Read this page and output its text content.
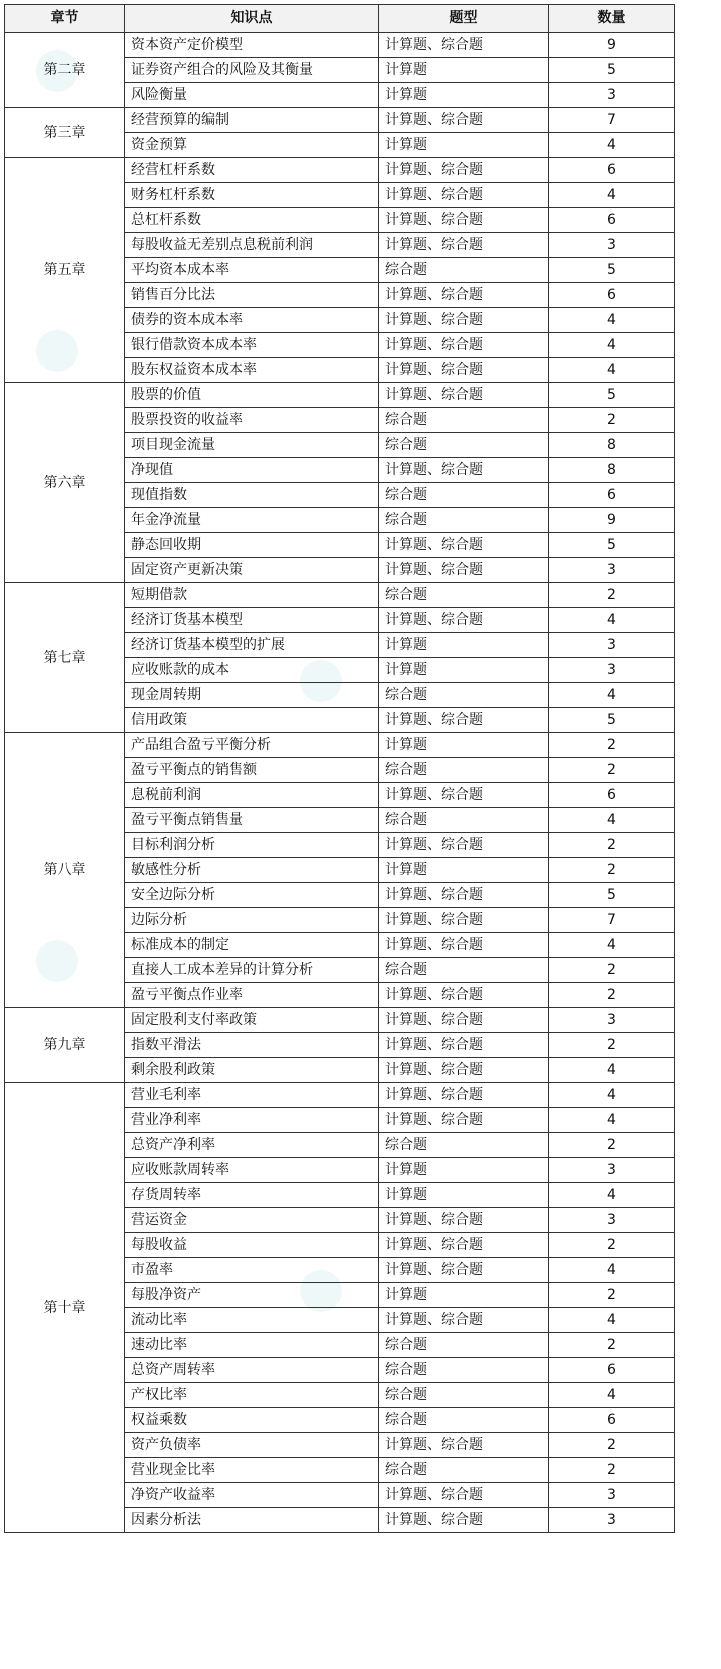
章节	知识点	题型	数量
第二章	资本资产定价模型	计算题、综合题	9
	证券资产组合的风险及其衡量	计算题	5
	风险衡量	计算题	3
第三章	经营预算的编制	计算题、综合题	7
	资金预算	计算题	4
第五章	经营杠杆系数	计算题、综合题	6
	财务杠杆系数	计算题、综合题	4
	总杠杆系数	计算题、综合题	6
	每股收益无差别点息税前利润	计算题、综合题	3
	平均资本成本率	综合题	5
	销售百分比法	计算题、综合题	6
	债券的资本成本率	计算题、综合题	4
	银行借款资本成本率	计算题、综合题	4
	股东权益资本成本率	计算题、综合题	4
第六章	股票的价值	计算题、综合题	5
	股票投资的收益率	综合题	2
	项目现金流量	综合题	8
	净现值	计算题、综合题	8
	现值指数	综合题	6
	年金净流量	综合题	9
	静态回收期	计算题、综合题	5
	固定资产更新决策	计算题、综合题	3
第七章	短期借款	综合题	2
	经济订货基本模型	计算题、综合题	4
	经济订货基本模型的扩展	计算题	3
	应收账款的成本	计算题	3
	现金周转期	综合题	4
	信用政策	计算题、综合题	5
第八章	产品组合盈亏平衡分析	计算题	2
	盈亏平衡点的销售额	综合题	2
	息税前利润	计算题、综合题	6
	盈亏平衡点销售量	综合题	4
	目标利润分析	计算题、综合题	2
	敏感性分析	计算题	2
	安全边际分析	计算题、综合题	5
	边际分析	计算题、综合题	7
	标准成本的制定	计算题、综合题	4
	直接人工成本差异的计算分析	综合题	2
	盈亏平衡点作业率	计算题、综合题	2
第九章	固定股利支付率政策	计算题、综合题	3
	指数平滑法	计算题、综合题	2
	剩余股利政策	计算题、综合题	4
第十章	营业毛利率	计算题、综合题	4
	营业净利率	计算题、综合题	4
	总资产净利率	综合题	2
	应收账款周转率	计算题	3
	存货周转率	计算题	4
	营运资金	计算题、综合题	3
	每股收益	计算题、综合题	2
	市盈率	计算题、综合题	4
	每股净资产	计算题	2
	流动比率	计算题、综合题	4
	速动比率	综合题	2
	总资产周转率	综合题	6
	产权比率	综合题	4
	权益乘数	综合题	6
	资产负债率	计算题、综合题	2
	营业现金比率	综合题	2
	净资产收益率	计算题、综合题	3
	因素分析法	计算题、综合题	3
